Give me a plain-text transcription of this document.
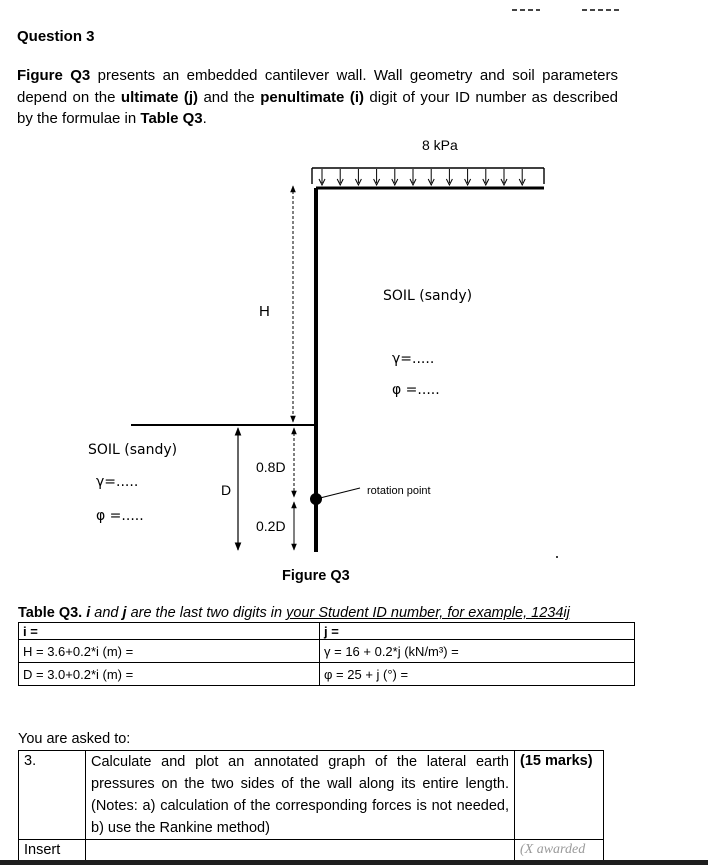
Question 3
Figure Q3 presents an embedded cantilever wall. Wall geometry and soil parameters depend on the ultimate (j) and the penultimate (i) digit of your ID number as described by the formulae in Table Q3.
8 kPa
H
D
0.8D
0.2D
rotation point
SOIL (sandy)
γ=.....
φ =.....
SOIL (sandy)
γ=.....
φ =.....
Figure Q3
Table Q3. i and j are the last two digits in your Student ID number, for example, 1234ij
i =	j =
H = 3.6+0.2*i (m) =	γ = 16 + 0.2*j (kN/m³) =
D = 3.0+0.2*i (m) =	φ = 25 + j (°) =
You are asked to:
3.	Calculate and plot an annotated graph of the lateral earth pressures on the two sides of the wall along its entire length. (Notes: a) calculation of the corresponding forces is not needed, b) use the Rankine method)	(15 marks)
Insert		(X awarded
